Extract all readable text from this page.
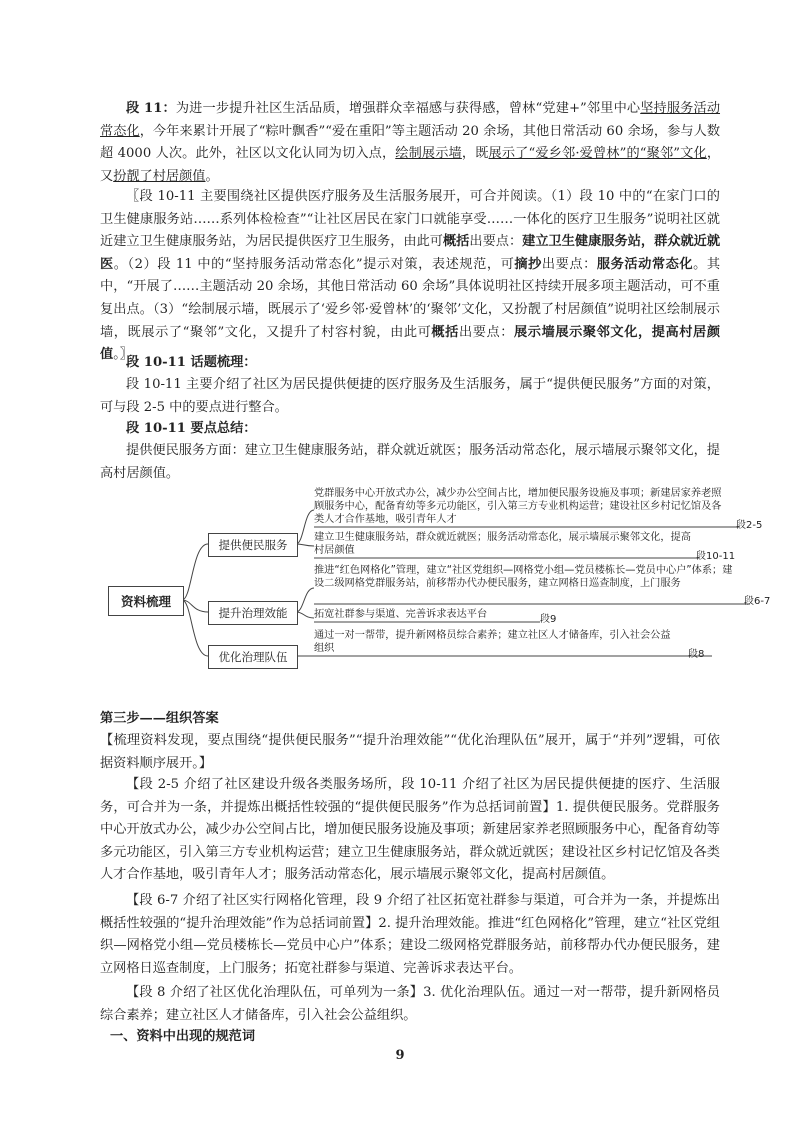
段 11：为进一步提升社区生活品质，增强群众幸福感与获得感，曾林“党建+”邻里中心坚持服务活动常态化，今年来累计开展了“粽叶飘香”“爱在重阳”等主题活动 20 余场，其他日常活动 60 余场，参与人数超 4000 人次。此外，社区以文化认同为切入点，绘制展示墙，既展示了“爱乡邻·爱曾林”的“聚邻”文化，又扮靓了村居颜值。
〖段 10-11 主要围绕社区提供医疗服务及生活服务展开，可合并阅读。（1）段 10 中的“在家门口的卫生健康服务站……系列体检检查”“让社区居民在家门口就能享受……一体化的医疗卫生服务”说明社区就近建立卫生健康服务站，为居民提供医疗卫生服务，由此可概括出要点：建立卫生健康服务站，群众就近就医。（2）段 11 中的“坚持服务活动常态化”提示对策，表述规范，可摘抄出要点：服务活动常态化。其中，“开展了……主题活动 20 余场，其他日常活动 60 余场”具体说明社区持续开展多项主题活动，可不重复出点。（3）“绘制展示墙，既展示了‘爱乡邻·爱曾林’的‘聚邻’文化，又扮靓了村居颜值”说明社区绘制展示墙，既展示了“聚邻”文化，又提升了村容村貌，由此可概括出要点：展示墙展示聚邻文化，提高村居颜值。〗
段 10-11 话题梳理：
段 10-11 主要介绍了社区为居民提供便捷的医疗服务及生活服务，属于“提供便民服务”方面的对策，可与段 2-5 中的要点进行整合。
段 10-11 要点总结：
提供便民服务方面：建立卫生健康服务站，群众就近就医；服务活动常态化，展示墙展示聚邻文化，提高村居颜值。
资料梳理
提供便民服务
提升治理效能
优化治理队伍
党群服务中心开放式办公，减少办公空间占比，增加便民服务设施及事项；新建居家养老照顾服务中心，配备育幼等多元功能区，引入第三方专业机构运营；建设社区乡村记忆馆及各类人才合作基地，吸引青年人才
段2-5
建立卫生健康服务站，群众就近就医；服务活动常态化，展示墙展示聚邻文化，提高村居颜值
段10-11
推进“红色网格化”管理，建立“社区党组织—网格党小组—党员楼栋长—党员中心户”体系；建设二级网格党群服务站，前移帮办代办便民服务，建立网格日巡查制度，上门服务
段6-7
拓宽社群参与渠道、完善诉求表达平台	段9
通过一对一帮带，提升新网格员综合素养；建立社区人才储备库，引入社会公益组织
段8
第三步——组织答案
【梳理资料发现，要点围绕“提供便民服务”“提升治理效能”“优化治理队伍”展开，属于“并列”逻辑，可依据资料顺序展开。】
【段 2-5 介绍了社区建设升级各类服务场所，段 10-11 介绍了社区为居民提供便捷的医疗、生活服务，可合并为一条，并提炼出概括性较强的“提供便民服务”作为总括词前置】1. 提供便民服务。党群服务中心开放式办公，减少办公空间占比，增加便民服务设施及事项；新建居家养老照顾服务中心，配备育幼等多元功能区，引入第三方专业机构运营；建立卫生健康服务站，群众就近就医；建设社区乡村记忆馆及各类人才合作基地，吸引青年人才；服务活动常态化，展示墙展示聚邻文化，提高村居颜值。
【段 6-7 介绍了社区实行网格化管理，段 9 介绍了社区拓宽社群参与渠道，可合并为一条，并提炼出概括性较强的“提升治理效能”作为总括词前置】2. 提升治理效能。推进“红色网格化”管理，建立“社区党组织—网格党小组—党员楼栋长—党员中心户”体系；建设二级网格党群服务站，前移帮办代办便民服务，建立网格日巡查制度，上门服务；拓宽社群参与渠道、完善诉求表达平台。
【段 8 介绍了社区优化治理队伍，可单列为一条】3. 优化治理队伍。通过一对一帮带，提升新网格员综合素养；建立社区人才储备库，引入社会公益组织。
一、资料中出现的规范词
9
